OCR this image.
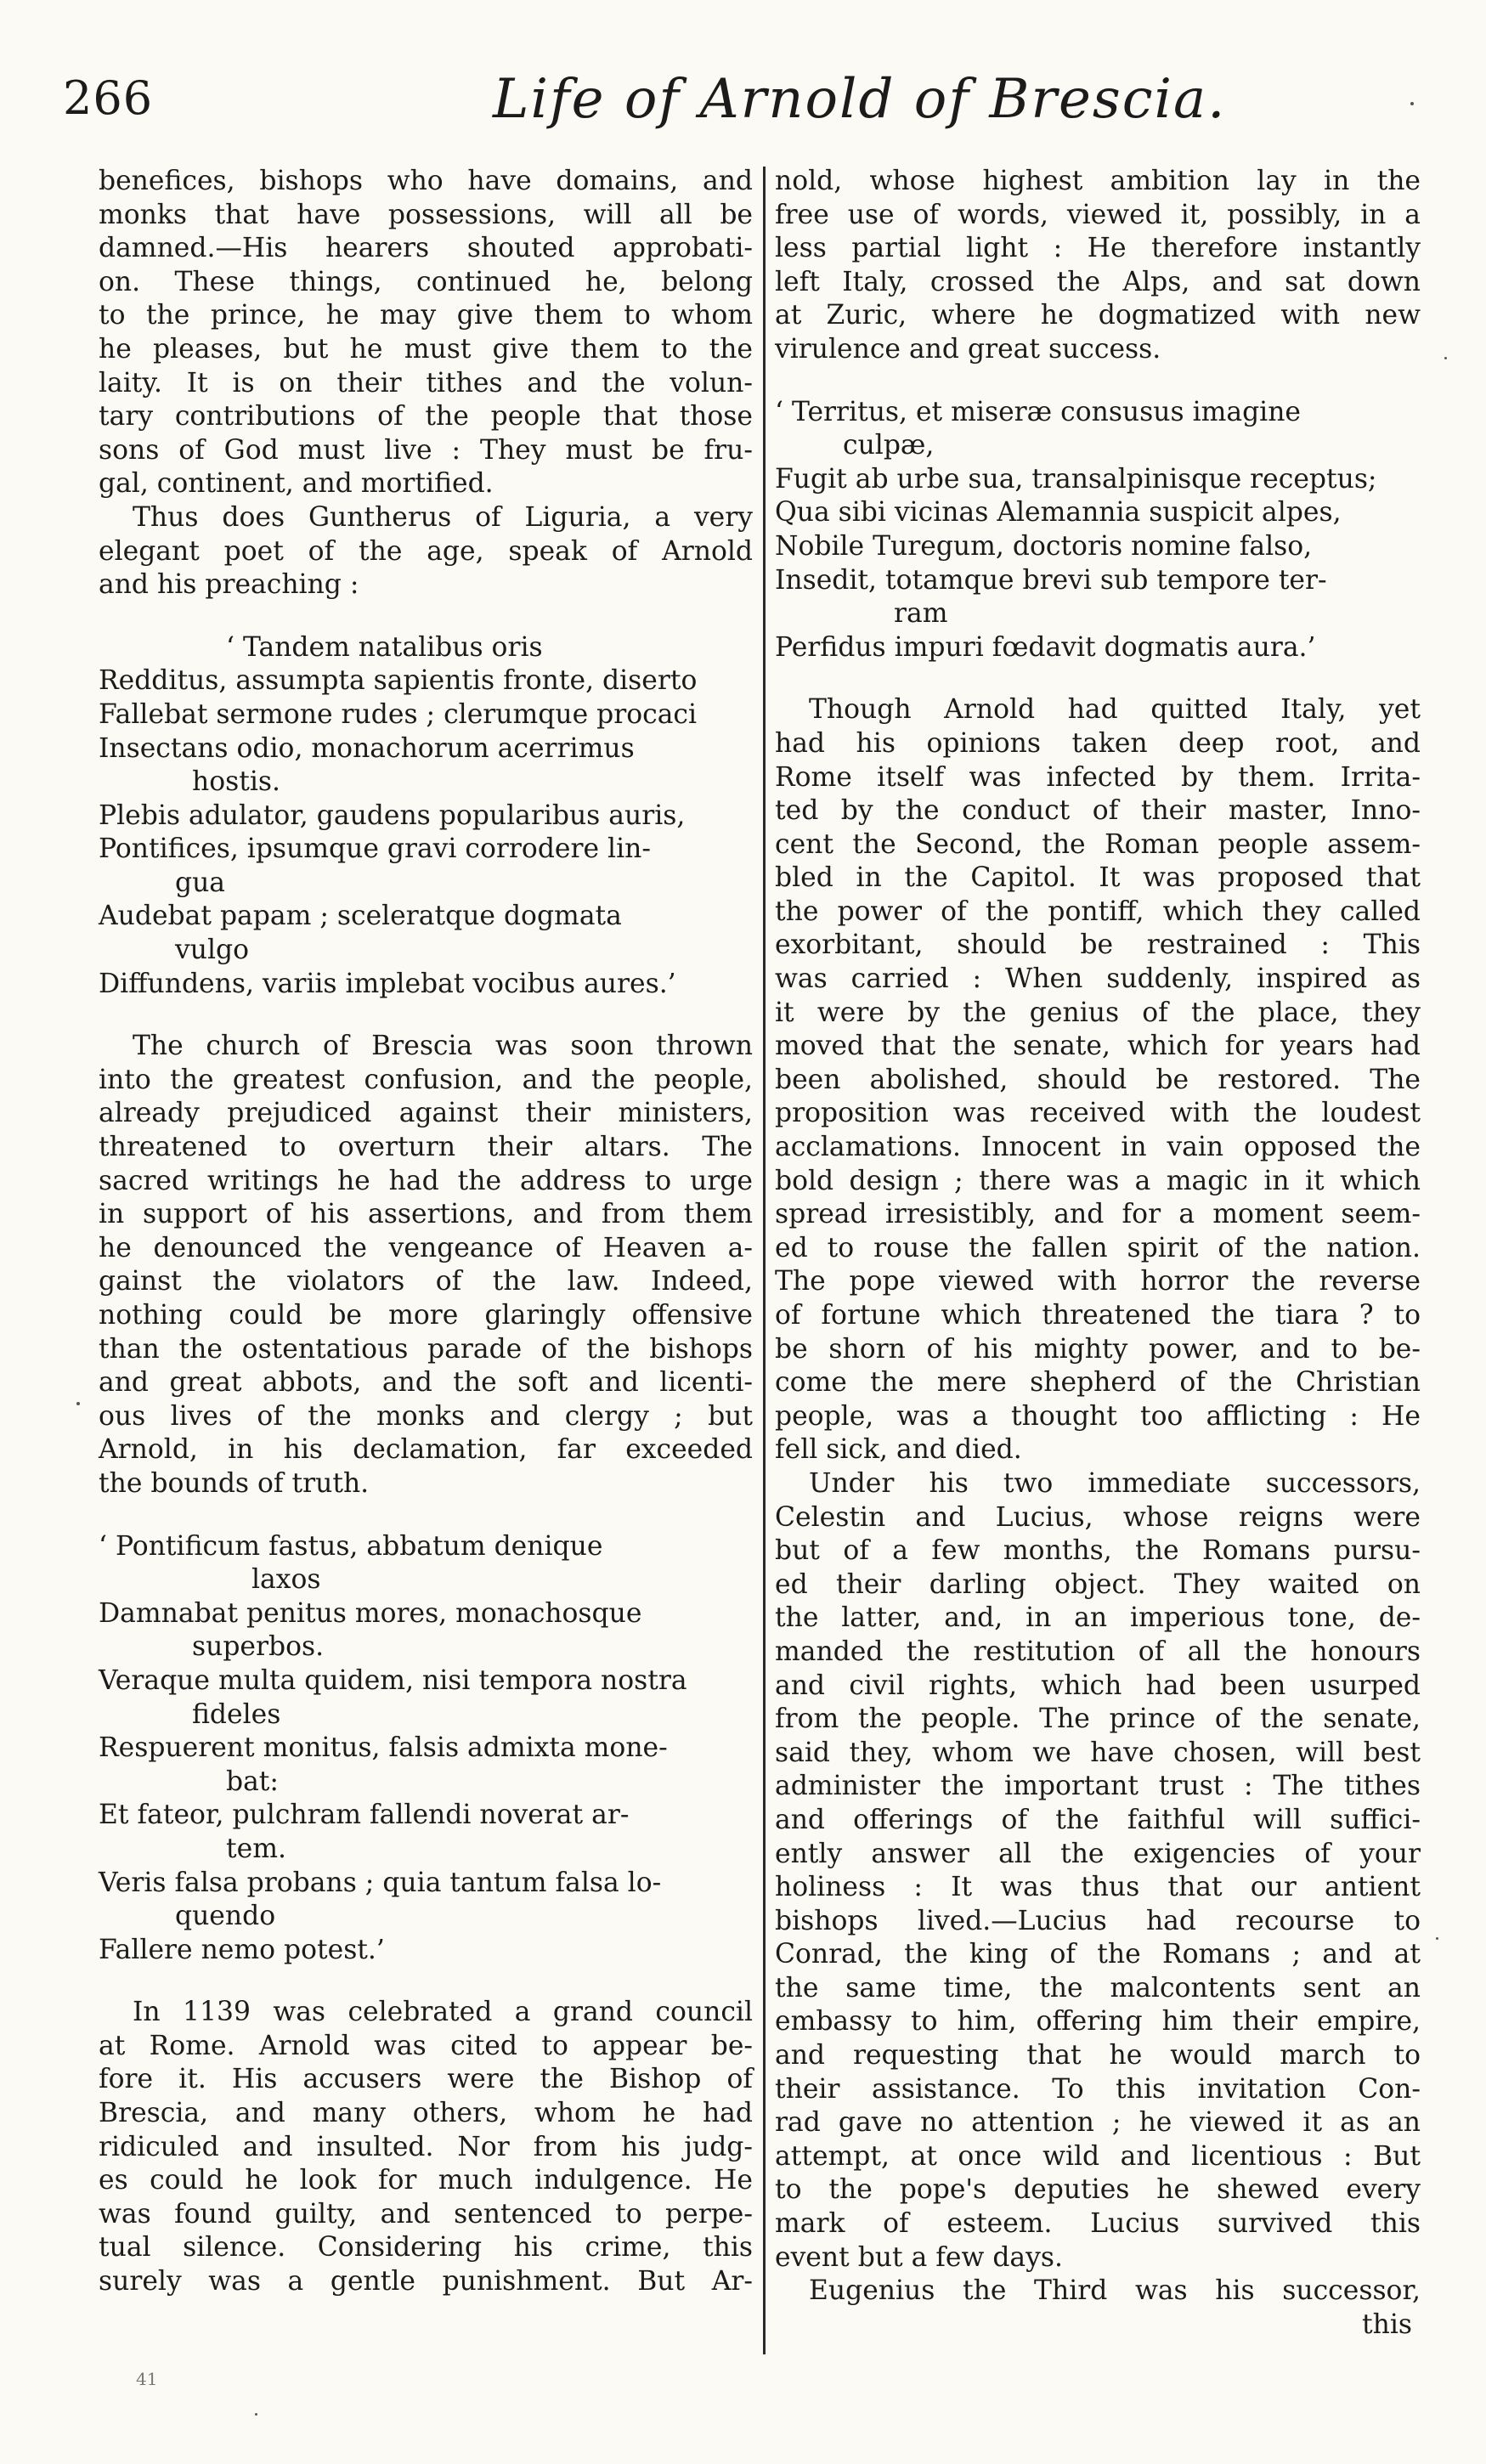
266	Life of Arnold of Brescia.
benefices, bishops who have domains, and
monks that have possessions, will all be
damned.—His hearers shouted approbati-
on. These things, continued he, belong
to the prince, he may give them to whom
he pleases, but he must give them to the
laity. It is on their tithes and the volun-
tary contributions of the people that those
sons of God must live : They must be fru-
gal, continent, and mortified.
Thus does Guntherus of Liguria, a very
elegant poet of the age, speak of Arnold
and his preaching :
‘ Tandem natalibus oris
Redditus, assumpta sapientis fronte, diserto
Fallebat sermone rudes ; clerumque procaci
Insectans odio, monachorum acerrimus
hostis.
Plebis adulator, gaudens popularibus auris,
Pontifices, ipsumque gravi corrodere lin-
gua
Audebat papam ; sceleratque dogmata
vulgo
Diffundens, variis implebat vocibus aures.’
The church of Brescia was soon thrown
into the greatest confusion, and the people,
already prejudiced against their ministers,
threatened to overturn their altars. The
sacred writings he had the address to urge
in support of his assertions, and from them
he denounced the vengeance of Heaven a-
gainst the violators of the law. Indeed,
nothing could be more glaringly offensive
than the ostentatious parade of the bishops
and great abbots, and the soft and licenti-
ous lives of the monks and clergy ; but
Arnold, in his declamation, far exceeded
the bounds of truth.
‘ Pontificum fastus, abbatum denique
laxos
Damnabat penitus mores, monachosque
superbos.
Veraque multa quidem, nisi tempora nostra
fideles
Respuerent monitus, falsis admixta mone-
bat:
Et fateor, pulchram fallendi noverat ar-
tem.
Veris falsa probans ; quia tantum falsa lo-
quendo
Fallere nemo potest.’
In 1139 was celebrated a grand council
at Rome. Arnold was cited to appear be-
fore it. His accusers were the Bishop of
Brescia, and many others, whom he had
ridiculed and insulted. Nor from his judg-
es could he look for much indulgence. He
was found guilty, and sentenced to perpe-
tual silence. Considering his crime, this
surely was a gentle punishment. But Ar-
nold, whose highest ambition lay in the
free use of words, viewed it, possibly, in a
less partial light : He therefore instantly
left Italy, crossed the Alps, and sat down
at Zuric, where he dogmatized with new
virulence and great success.
‘ Territus, et miseræ consusus imagine
culpæ,
Fugit ab urbe sua, transalpinisque receptus;
Qua sibi vicinas Alemannia suspicit alpes,
Nobile Turegum, doctoris nomine falso,
Insedit, totamque brevi sub tempore ter-
ram
Perfidus impuri fœdavit dogmatis aura.’
Though Arnold had quitted Italy, yet
had his opinions taken deep root, and
Rome itself was infected by them. Irrita-
ted by the conduct of their master, Inno-
cent the Second, the Roman people assem-
bled in the Capitol. It was proposed that
the power of the pontiff, which they called
exorbitant, should be restrained : This
was carried : When suddenly, inspired as
it were by the genius of the place, they
moved that the senate, which for years had
been abolished, should be restored. The
proposition was received with the loudest
acclamations. Innocent in vain opposed the
bold design ; there was a magic in it which
spread irresistibly, and for a moment seem-
ed to rouse the fallen spirit of the nation.
The pope viewed with horror the reverse
of fortune which threatened the tiara ? to
be shorn of his mighty power, and to be-
come the mere shepherd of the Christian
people, was a thought too afflicting : He
fell sick, and died.
Under his two immediate successors,
Celestin and Lucius, whose reigns were
but of a few months, the Romans pursu-
ed their darling object. They waited on
the latter, and, in an imperious tone, de-
manded the restitution of all the honours
and civil rights, which had been usurped
from the people. The prince of the senate,
said they, whom we have chosen, will best
administer the important trust : The tithes
and offerings of the faithful will suffici-
ently answer all the exigencies of your
holiness : It was thus that our antient
bishops lived.—Lucius had recourse to
Conrad, the king of the Romans ; and at
the same time, the malcontents sent an
embassy to him, offering him their empire,
and requesting that he would march to
their assistance. To this invitation Con-
rad gave no attention ; he viewed it as an
attempt, at once wild and licentious : But
to the pope's deputies he shewed every
mark of esteem. Lucius survived this
event but a few days.
Eugenius the Third was his successor,
this
41
